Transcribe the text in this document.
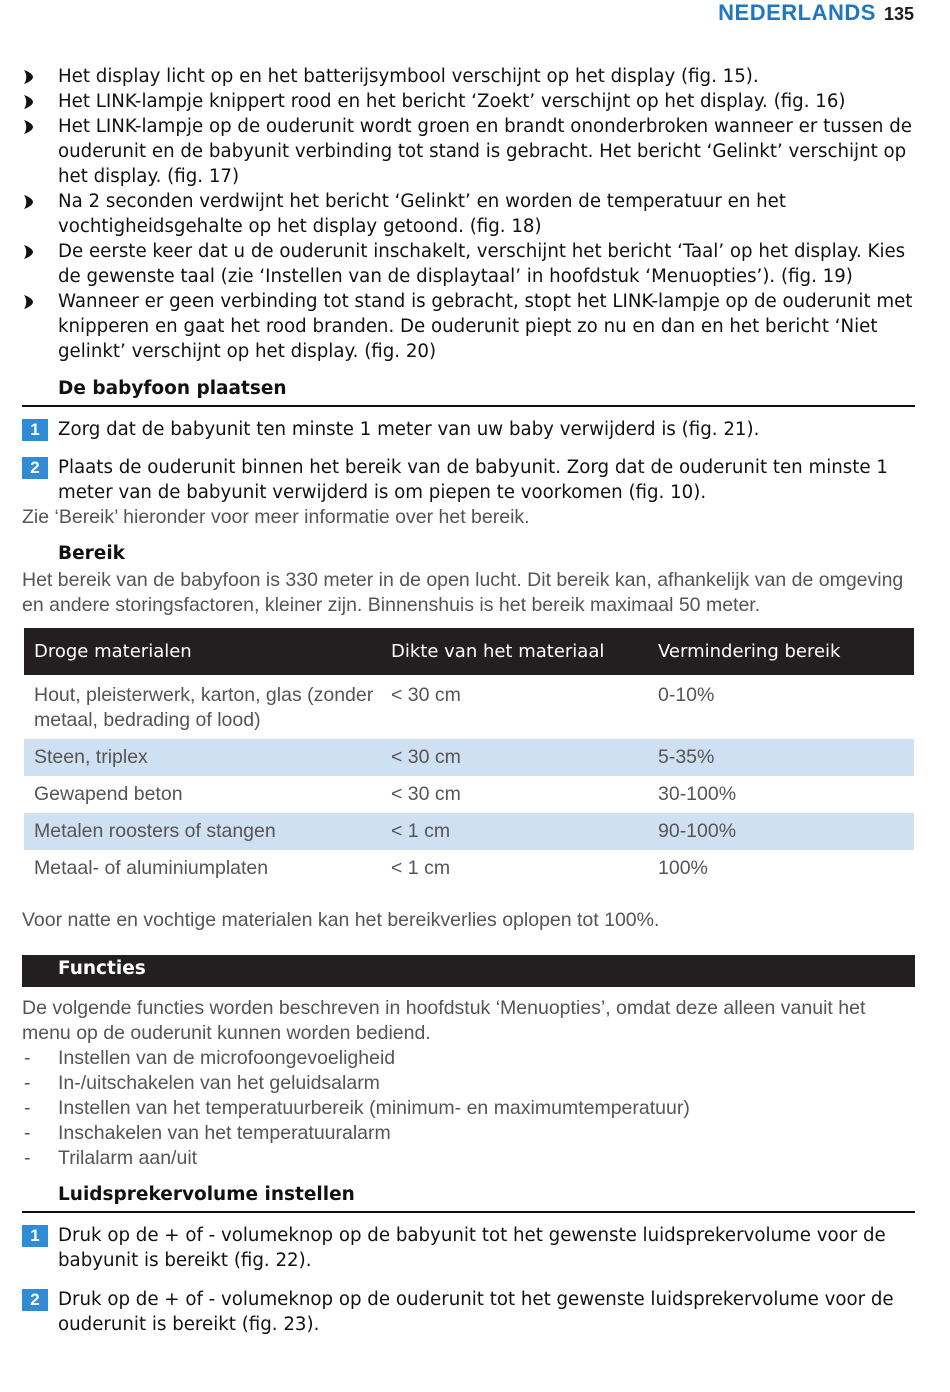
NEDERLANDS 135
Het display licht op en het batterijsymbool verschijnt op het display (fig. 15).
Het LINK-lampje knippert rood en het bericht ‘Zoekt’ verschijnt op het display. (fig. 16)
Het LINK-lampje op de ouderunit wordt groen en brandt ononderbroken wanneer er tussen de ouderunit en de babyunit verbinding tot stand is gebracht. Het bericht ‘Gelinkt’ verschijnt op het display. (fig. 17)
Na 2 seconden verdwijnt het bericht ‘Gelinkt’ en worden de temperatuur en het vochtigheidsgehalte op het display getoond. (fig. 18)
De eerste keer dat u de ouderunit inschakelt, verschijnt het bericht ‘Taal’ op het display. Kies de gewenste taal (zie ‘Instellen van de displaytaal’ in hoofdstuk ‘Menuopties’). (fig. 19)
Wanneer er geen verbinding tot stand is gebracht, stopt het LINK-lampje op de ouderunit met knipperen en gaat het rood branden. De ouderunit piept zo nu en dan en het bericht ‘Niet gelinkt’ verschijnt op het display. (fig. 20)
De babyfoon plaatsen
1	Zorg dat de babyunit ten minste 1 meter van uw baby verwijderd is (fig. 21).
2	Plaats de ouderunit binnen het bereik van de babyunit. Zorg dat de ouderunit ten minste 1 meter van de babyunit verwijderd is om piepen te voorkomen (fig. 10).
Zie ‘Bereik’ hieronder voor meer informatie over het bereik.
Bereik
Het bereik van de babyfoon is 330 meter in de open lucht. Dit bereik kan, afhankelijk van de omgeving en andere storingsfactoren, kleiner zijn. Binnenshuis is het bereik maximaal 50 meter.
Droge materialen	Dikte van het materiaal	Vermindering bereik
Hout, pleisterwerk, karton, glas (zonder metaal, bedrading of lood)	< 30 cm	0-10%
Steen, triplex	< 30 cm	5-35%
Gewapend beton	< 30 cm	30-100%
Metalen roosters of stangen	< 1 cm	90-100%
Metaal- of aluminiumplaten	< 1 cm	100%
Voor natte en vochtige materialen kan het bereikverlies oplopen tot 100%.
Functies
De volgende functies worden beschreven in hoofdstuk ‘Menuopties’, omdat deze alleen vanuit het menu op de ouderunit kunnen worden bediend.
- Instellen van de microfoongevoeligheid
- In-/uitschakelen van het geluidsalarm
- Instellen van het temperatuurbereik (minimum- en maximumtemperatuur)
- Inschakelen van het temperatuuralarm
- Trilalarm aan/uit
Luidsprekervolume instellen
1	Druk op de + of - volumeknop op de babyunit tot het gewenste luidsprekervolume voor de babyunit is bereikt (fig. 22).
2	Druk op de + of - volumeknop op de ouderunit tot het gewenste luidsprekervolume voor de ouderunit is bereikt (fig. 23).
